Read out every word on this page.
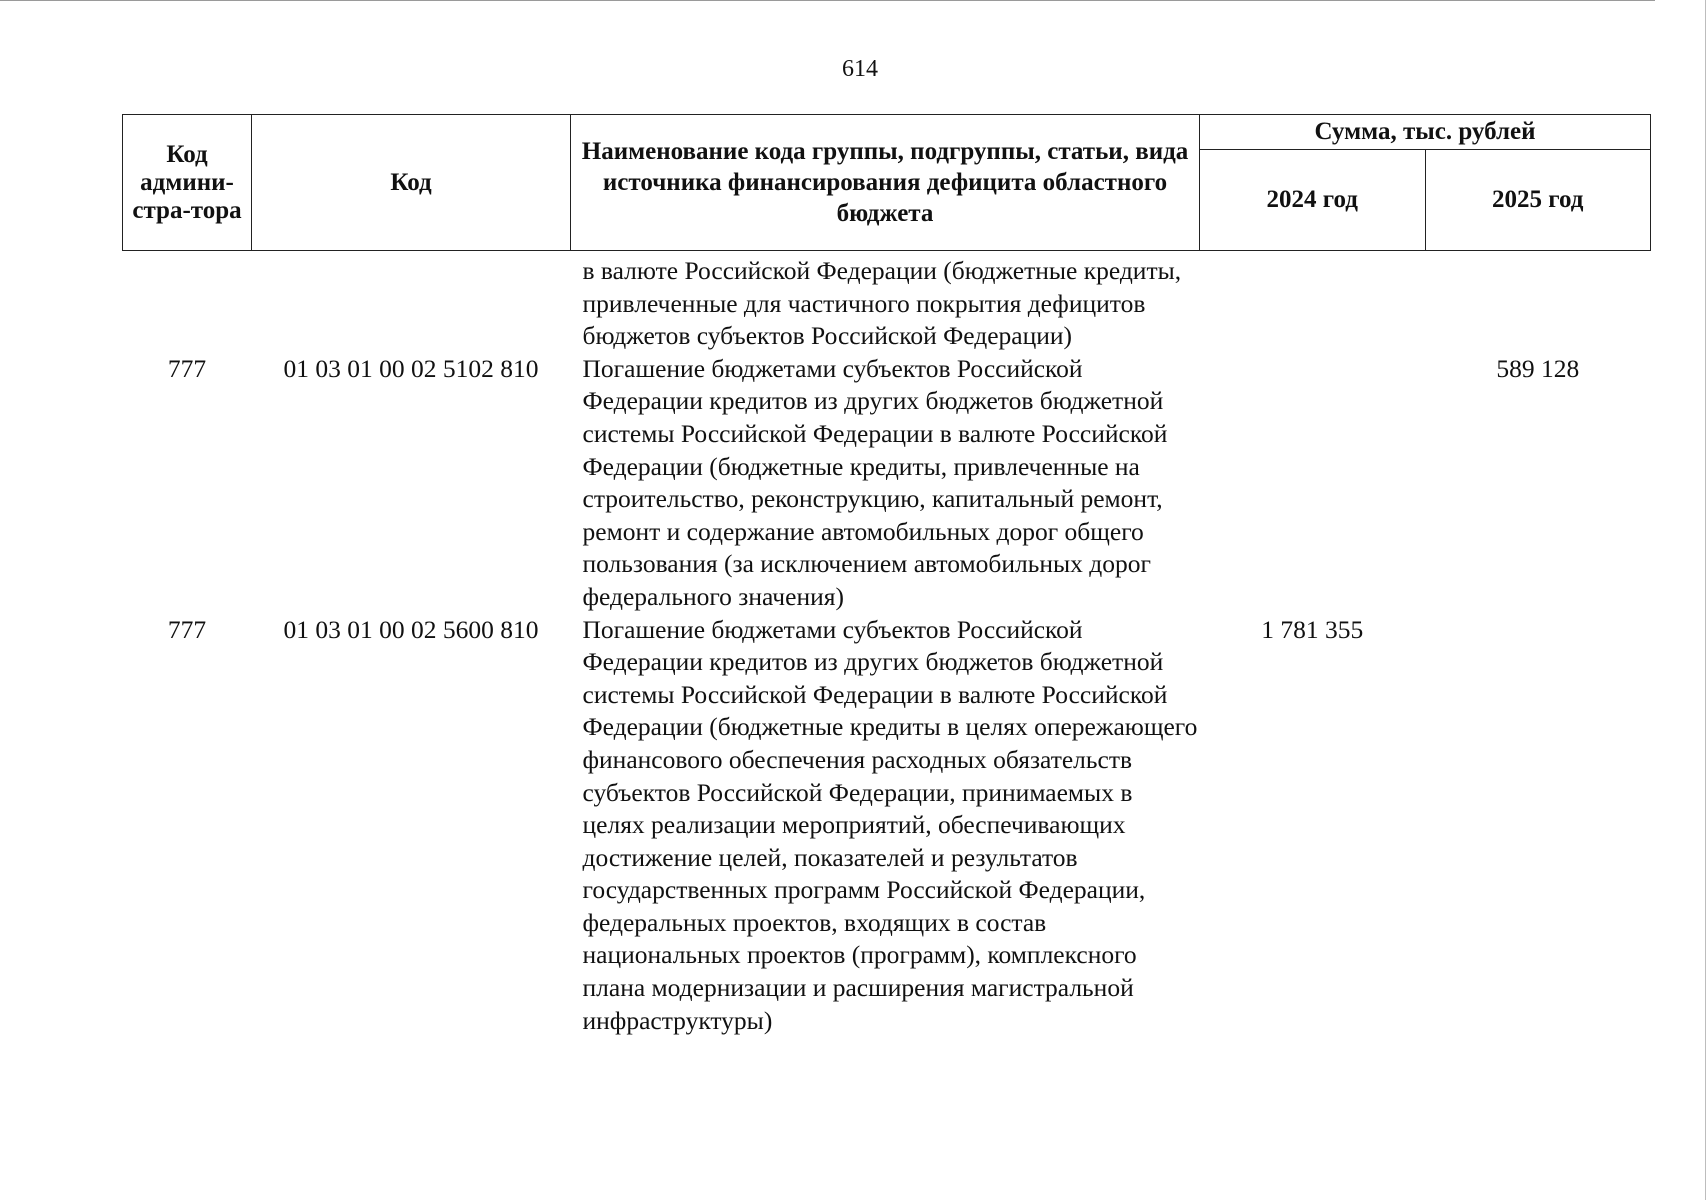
614
Код админи-стра-тора	Код	Наименование кода группы, подгруппы, статьи, вида источника финансирования дефицита областного бюджета	Сумма, тыс. рублей	
			2024 год	2025 год
		в валюте Российской Федерации (бюджетные кредиты, привлеченные для частичного покрытия дефицитов бюджетов субъектов Российской Федерации)		
777	01 03 01 00 02 5102 810	Погашение бюджетами субъектов Российской Федерации кредитов из других бюджетов бюджетной системы Российской Федерации в валюте Российской Федерации (бюджетные кредиты, привлеченные на строительство, реконструкцию, капитальный ремонт, ремонт и содержание автомобильных дорог общего пользования (за исключением автомобильных дорог федерального значения)		589 128
777	01 03 01 00 02 5600 810	Погашение бюджетами субъектов Российской Федерации кредитов из других бюджетов бюджетной системы Российской Федерации в валюте Российской Федерации (бюджетные кредиты в целях опережающего финансового обеспечения расходных обязательств субъектов Российской Федерации, принимаемых в целях реализации мероприятий, обеспечивающих достижение целей, показателей и результатов государственных программ Российской Федерации, федеральных проектов, входящих в состав национальных проектов (программ), комплексного плана модернизации и расширения магистральной инфраструктуры)	1 781 355	
